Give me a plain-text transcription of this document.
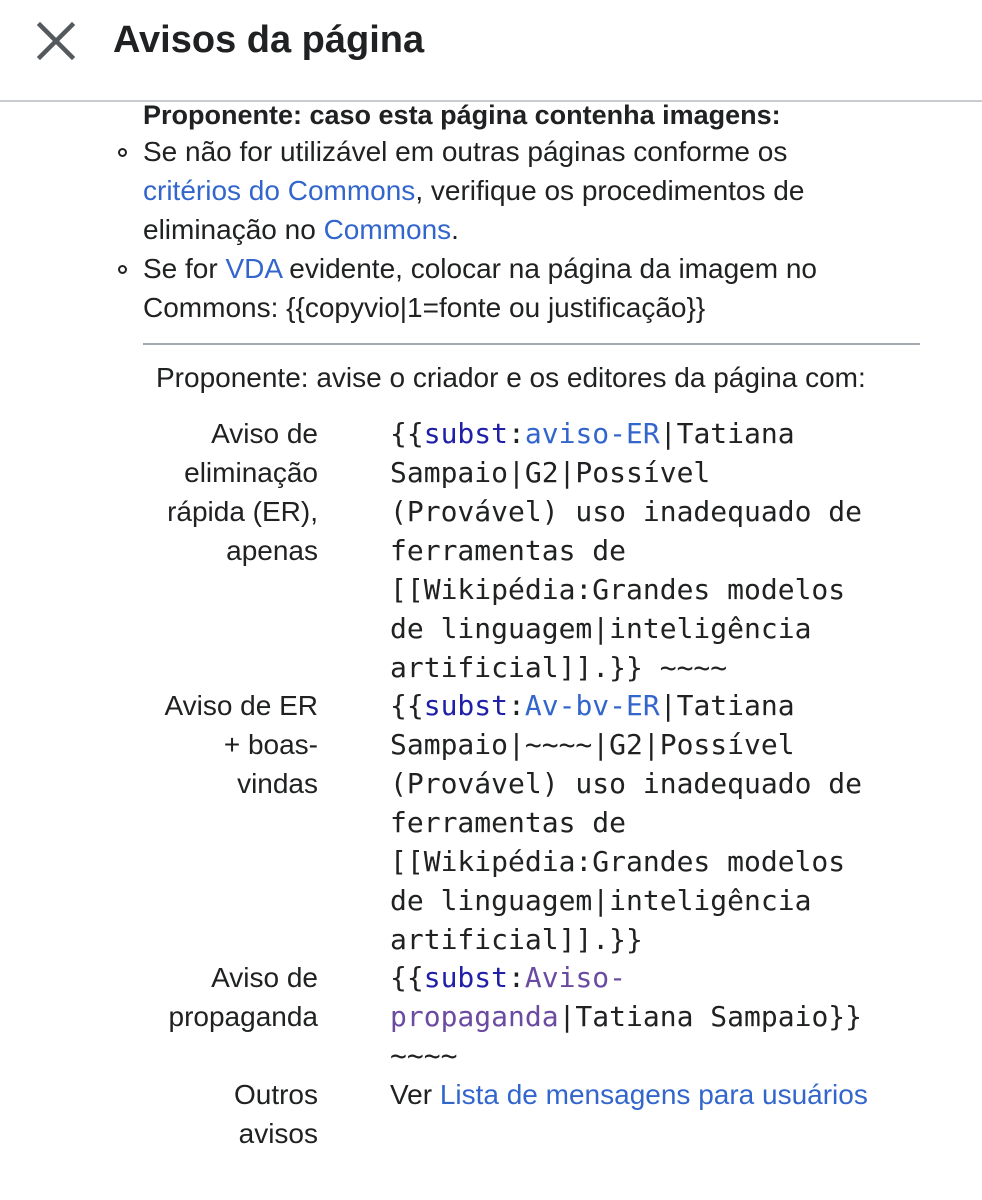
Avisos da página
Proponente: caso esta página contenha imagens:
Se não for utilizável em outras páginas conforme os
critérios do Commons, verifique os procedimentos de
eliminação no Commons.
Se for VDA evidente, colocar na página da imagem no
Commons: {{copyvio|1=fonte ou justificação}}
Proponente: avise o criador e os editores da página com:
Aviso de
eliminação
rápida (ER),
apenas
{{subst:aviso-ER|Tatiana
Sampaio|G2|Possível
(Provável) uso inadequado de
ferramentas de
[[Wikipédia:Grandes modelos
de linguagem|inteligência
artificial]].}} ~~~~
Aviso de ER
+ boas-
vindas
{{subst:Av-bv-ER|Tatiana
Sampaio|~~~~|G2|Possível
(Provável) uso inadequado de
ferramentas de
[[Wikipédia:Grandes modelos
de linguagem|inteligência
artificial]].}}
Aviso de
propaganda
{{subst:Aviso-
propaganda|Tatiana Sampaio}}
~~~~
Outros
avisos
Ver Lista de mensagens para usuários
